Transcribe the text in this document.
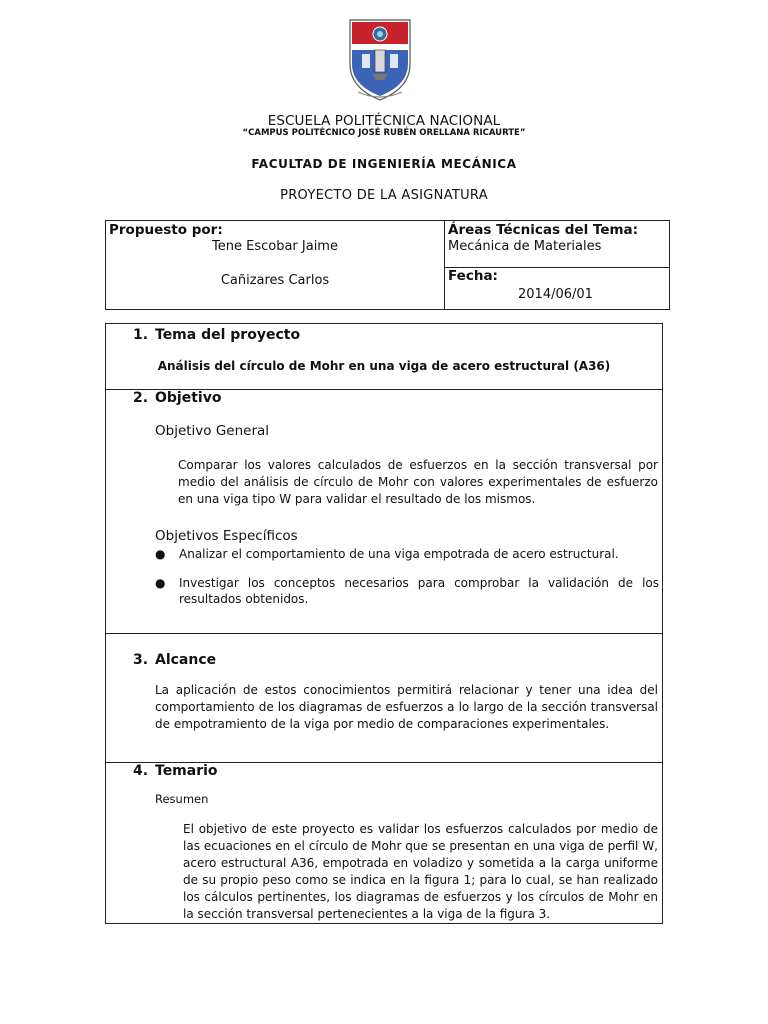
ESCUELA POLITÉCNICA NACIONAL
“CAMPUS POLITÉCNICO JOSÉ RUBÉN ORELLANA RICAURTE”
FACULTAD DE INGENIERÍA MECÁNICA
PROYECTO DE LA ASIGNATURA
Propuesto por:
Tene Escobar Jaime
Cañizares Carlos
Áreas Técnicas del Tema:
Mecánica de Materiales
Fecha:
2014/06/01
1. Tema del proyecto
Análisis del círculo de Mohr en una viga de acero estructural (A36)
2. Objetivo
Objetivo General
Comparar los valores calculados de esfuerzos en la sección transversal por medio del análisis de círculo de Mohr con valores experimentales de esfuerzo en una viga tipo W para validar el resultado de los mismos.
Objetivos Específicos
● Analizar el comportamiento de una viga empotrada de acero estructural.
● Investigar los conceptos necesarios para comprobar la validación de los resultados obtenidos.
3. Alcance
La aplicación de estos conocimientos permitirá relacionar y tener una idea del comportamiento de los diagramas de esfuerzos a lo largo de la sección transversal de empotramiento de la viga por medio de comparaciones experimentales.
4. Temario
Resumen
El objetivo de este proyecto es validar los esfuerzos calculados por medio de las ecuaciones en el círculo de Mohr que se presentan en una viga de perfil W, acero estructural A36, empotrada en voladizo y sometida a la carga uniforme de su propio peso como se indica en la figura 1; para lo cual, se han realizado los cálculos pertinentes, los diagramas de esfuerzos y los círculos de Mohr en la sección transversal pertenecientes a la viga de la figura 3.
